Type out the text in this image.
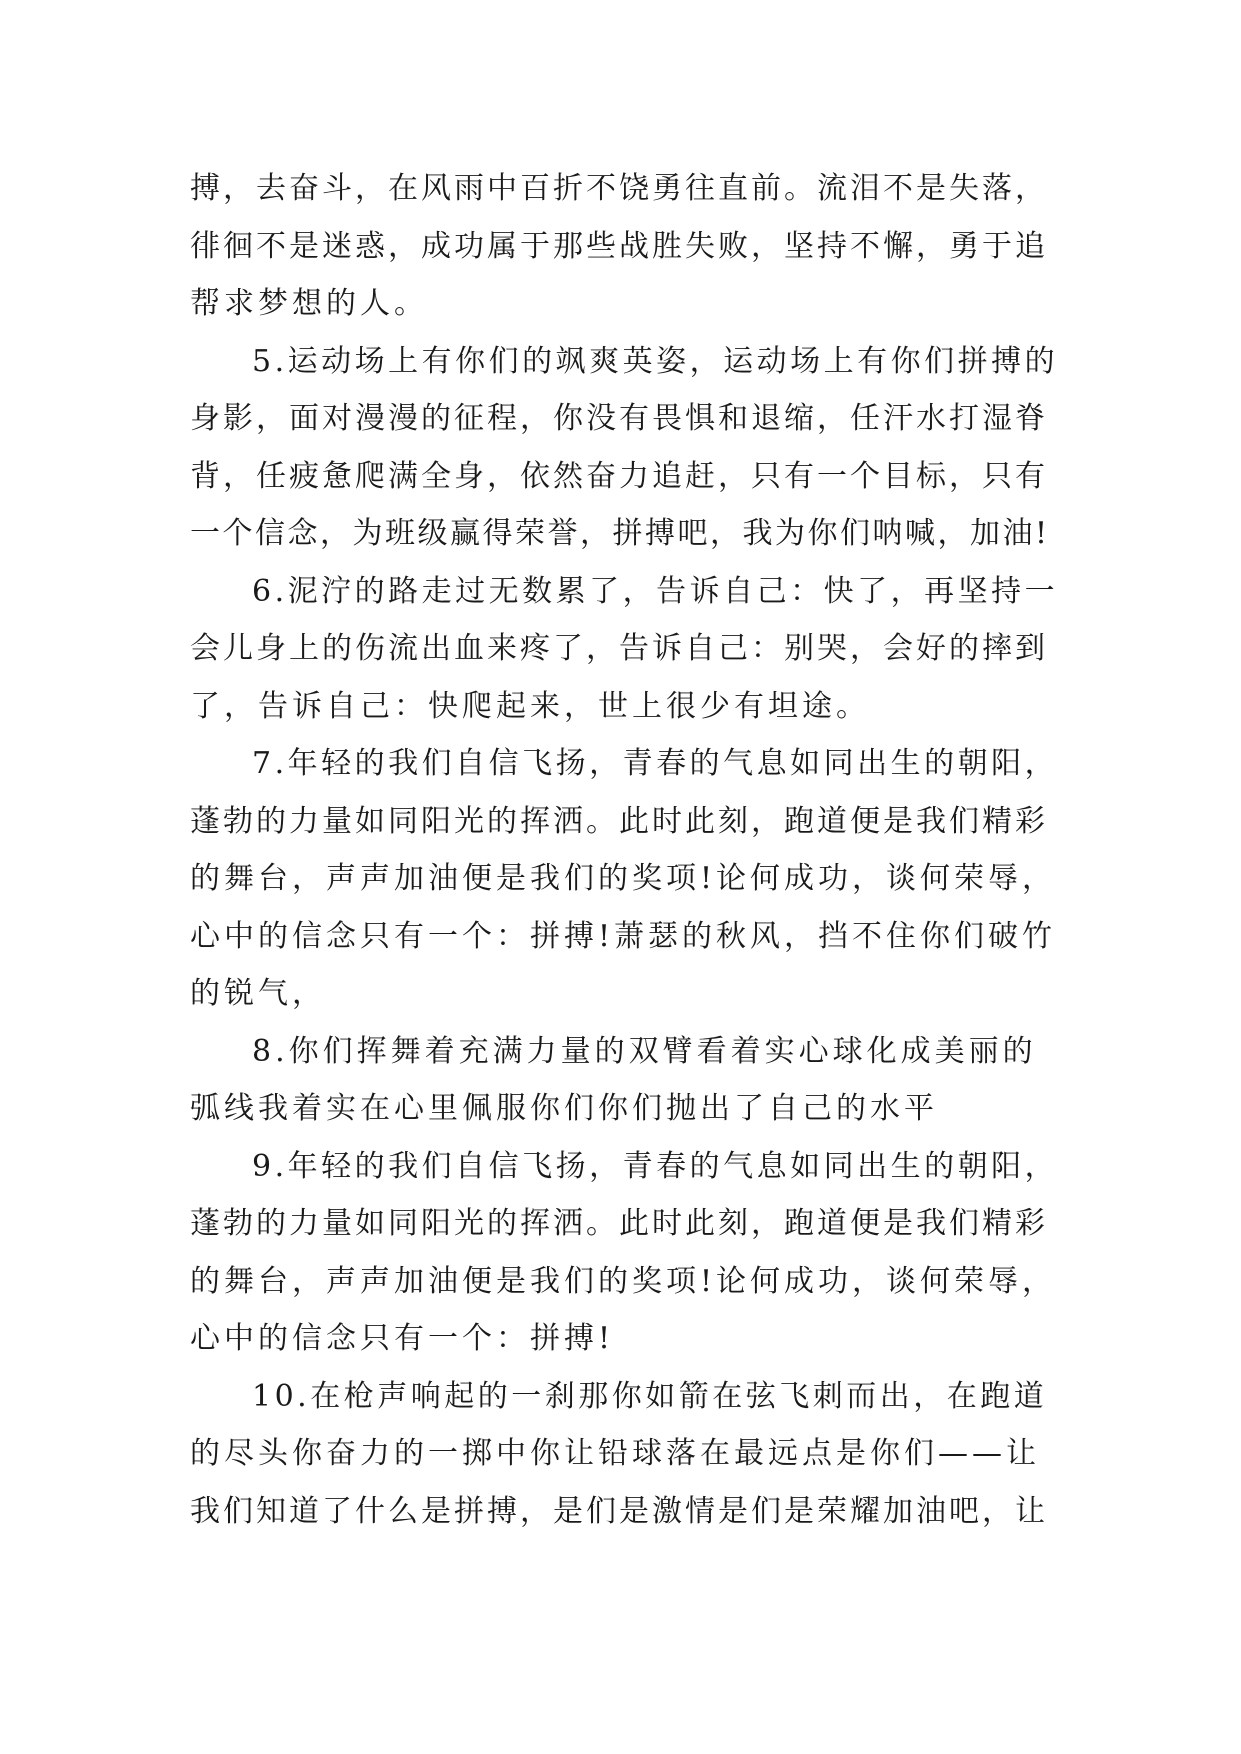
搏，去奋斗，在风雨中百折不饶勇往直前。流泪不是失落，
徘徊不是迷惑，成功属于那些战胜失败，坚持不懈，勇于追
帮求梦想的人。
5.运动场上有你们的飒爽英姿，运动场上有你们拼搏的
身影，面对漫漫的征程，你没有畏惧和退缩，任汗水打湿脊
背，任疲惫爬满全身，依然奋力追赶，只有一个目标，只有
一个信念，为班级赢得荣誉，拼搏吧，我为你们呐喊，加油!
6.泥泞的路走过无数累了，告诉自己：快了，再坚持一
会儿身上的伤流出血来疼了，告诉自己：别哭，会好的摔到
了，告诉自己：快爬起来，世上很少有坦途。
7.年轻的我们自信飞扬，青春的气息如同出生的朝阳，
蓬勃的力量如同阳光的挥洒。此时此刻，跑道便是我们精彩
的舞台，声声加油便是我们的奖项!论何成功，谈何荣辱，
心中的信念只有一个：拼搏!萧瑟的秋风，挡不住你们破竹
的锐气，
8.你们挥舞着充满力量的双臂看着实心球化成美丽的
弧线我着实在心里佩服你们你们抛出了自己的水平
9.年轻的我们自信飞扬，青春的气息如同出生的朝阳，
蓬勃的力量如同阳光的挥洒。此时此刻，跑道便是我们精彩
的舞台，声声加油便是我们的奖项!论何成功，谈何荣辱，
心中的信念只有一个：拼搏!
10.在枪声响起的一刹那你如箭在弦飞刺而出，在跑道
的尽头你奋力的一掷中你让铅球落在最远点是你们——让
我们知道了什么是拼搏，是们是激情是们是荣耀加油吧，让
